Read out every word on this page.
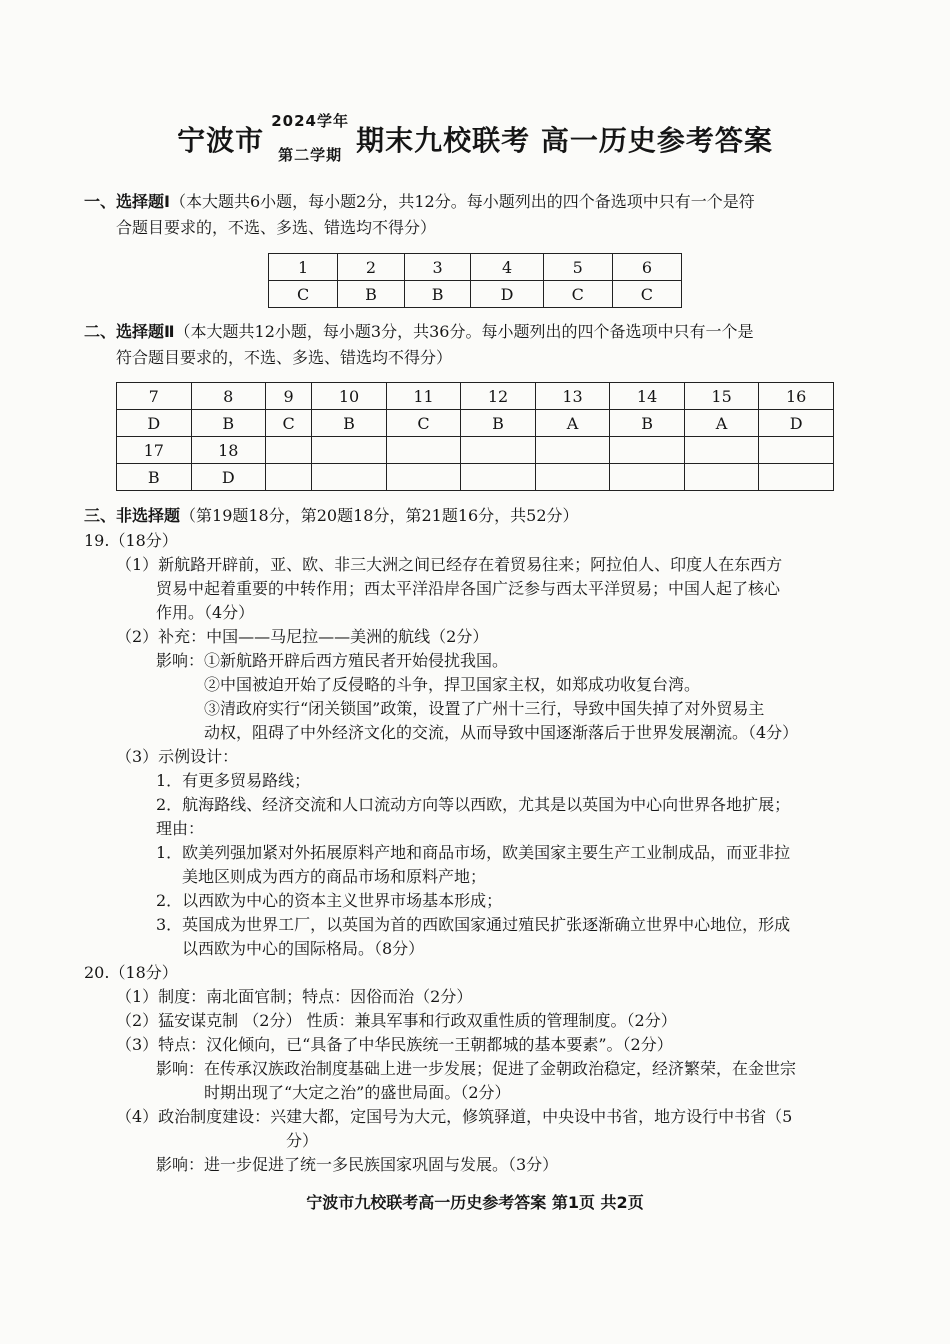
宁波市
2024学年
第二学期 期末九校联考 高一历史参考答案
一、选择题Ⅰ（本大题共6小题，每小题2分，共12分。每小题列出的四个备选项中只有一个是符
合题目要求的，不选、多选、错选均不得分）
1	2	3	4	5	6
C	B	B	D	C	C
二、选择题Ⅱ（本大题共12小题，每小题3分，共36分。每小题列出的四个备选项中只有一个是
符合题目要求的，不选、多选、错选均不得分）
7	8	9	10	11	12	13	14	15	16
D	B	C	B	C	B	A	B	A	D
17	18								
B	D								
三、非选择题（第19题18分，第20题18分，第21题16分，共52分）
19.（18分）
（1）新航路开辟前，亚、欧、非三大洲之间已经存在着贸易往来；阿拉伯人、印度人在东西方
贸易中起着重要的中转作用；西太平洋沿岸各国广泛参与西太平洋贸易；中国人起了核心
作用。（4分）
（2）补充：中国——马尼拉——美洲的航线（2分）
影响：①新航路开辟后西方殖民者开始侵扰我国。
②中国被迫开始了反侵略的斗争，捍卫国家主权，如郑成功收复台湾。
③清政府实行“闭关锁国”政策，设置了广州十三行，导致中国失掉了对外贸易主
动权，阻碍了中外经济文化的交流，从而导致中国逐渐落后于世界发展潮流。（4分）
（3）示例设计：
1．有更多贸易路线；
2．航海路线、经济交流和人口流动方向等以西欧，尤其是以英国为中心向世界各地扩展；
理由：
1．欧美列强加紧对外拓展原料产地和商品市场，欧美国家主要生产工业制成品，而亚非拉
美地区则成为西方的商品市场和原料产地；
2．以西欧为中心的资本主义世界市场基本形成；
3．英国成为世界工厂，以英国为首的西欧国家通过殖民扩张逐渐确立世界中心地位，形成
以西欧为中心的国际格局。（8分）
20.（18分）
（1）制度：南北面官制；特点：因俗而治（2分）
（2）猛安谋克制 （2分） 性质：兼具军事和行政双重性质的管理制度。（2分）
（3）特点：汉化倾向，已“具备了中华民族统一王朝都城的基本要素”。（2分）
影响：在传承汉族政治制度基础上进一步发展；促进了金朝政治稳定，经济繁荣，在金世宗
时期出现了“大定之治”的盛世局面。（2分）
（4）政治制度建设：兴建大都，定国号为大元，修筑驿道，中央设中书省，地方设行中书省（5
分）
影响：进一步促进了统一多民族国家巩固与发展。（3分）
宁波市九校联考高一历史参考答案 第1页 共2页
